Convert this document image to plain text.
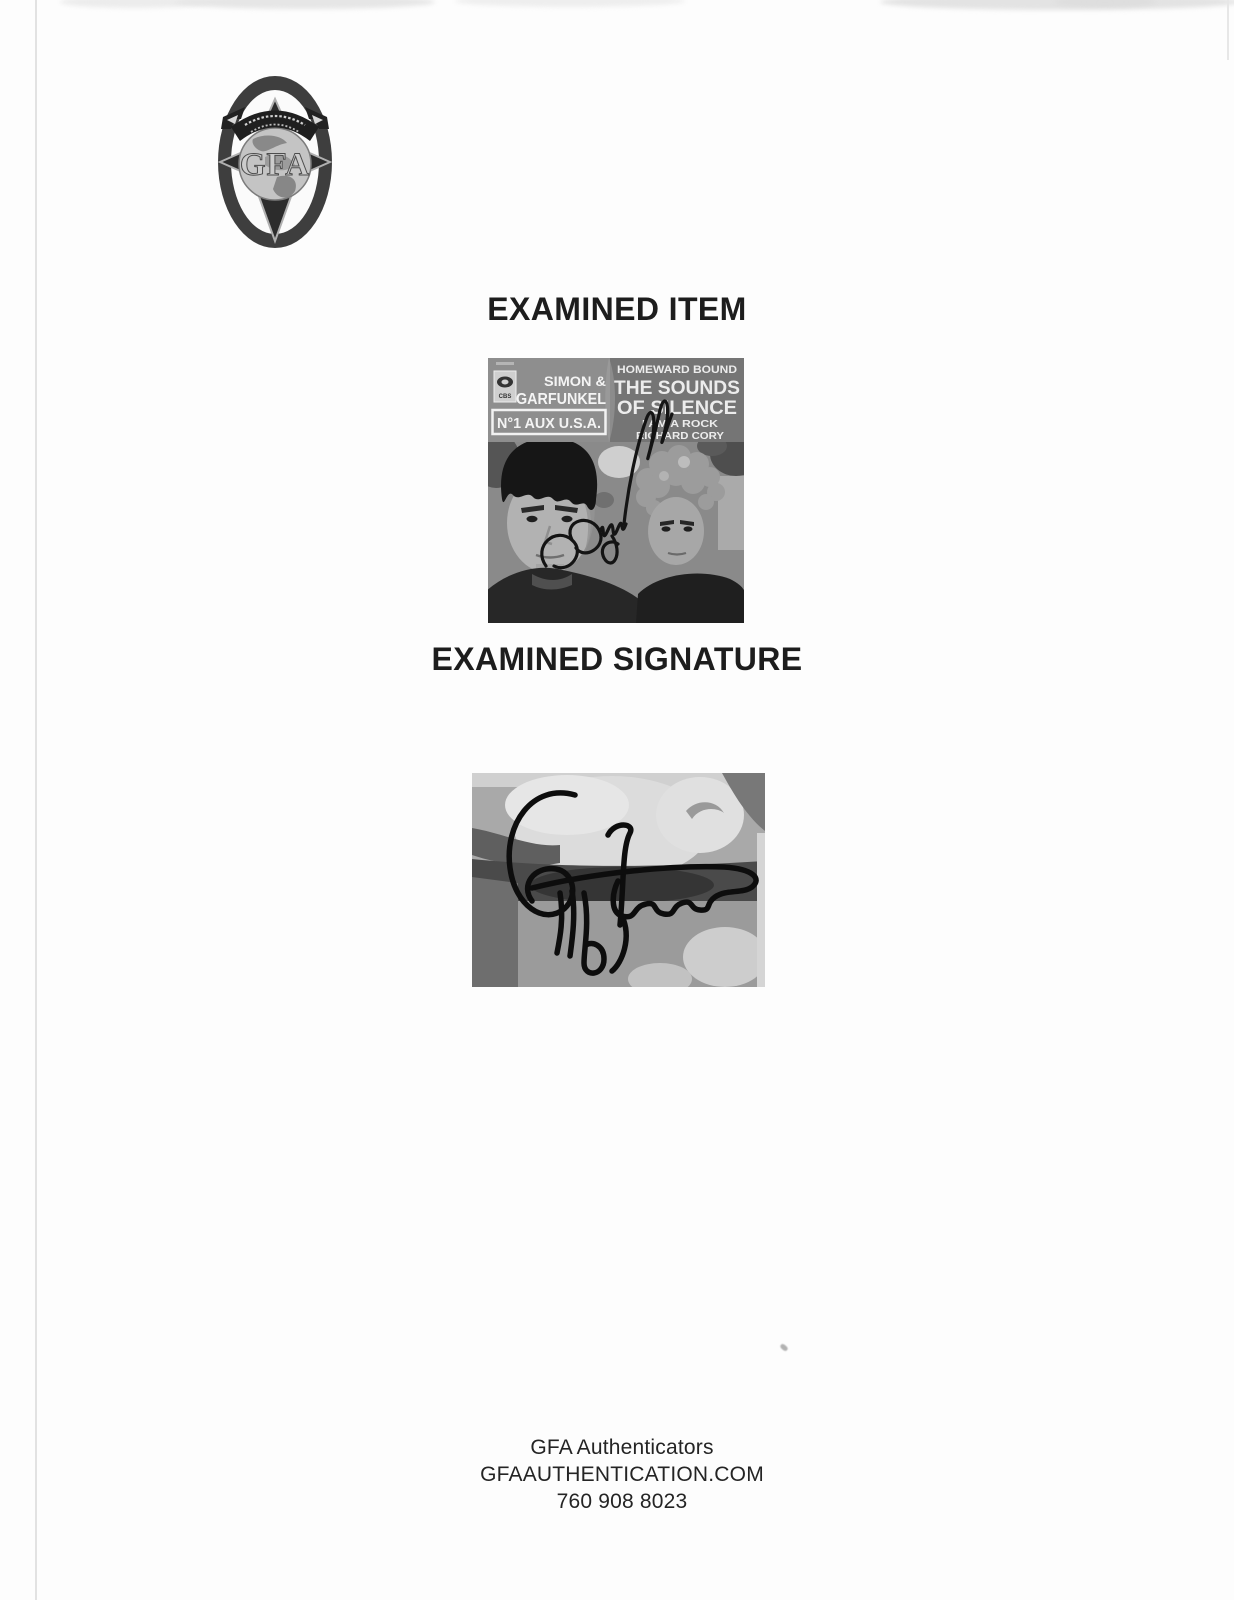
GFA
EXAMINED ITEM
CBS
SIMON &
GARFUNKEL
N°1 AUX U.S.A.
HOMEWARD BOUND
THE SOUNDS
OF SILENCE
I AM A ROCK
RICHARD CORY
EXAMINED SIGNATURE
GFA Authenticators
GFAAUTHENTICATION.COM
760 908 8023
